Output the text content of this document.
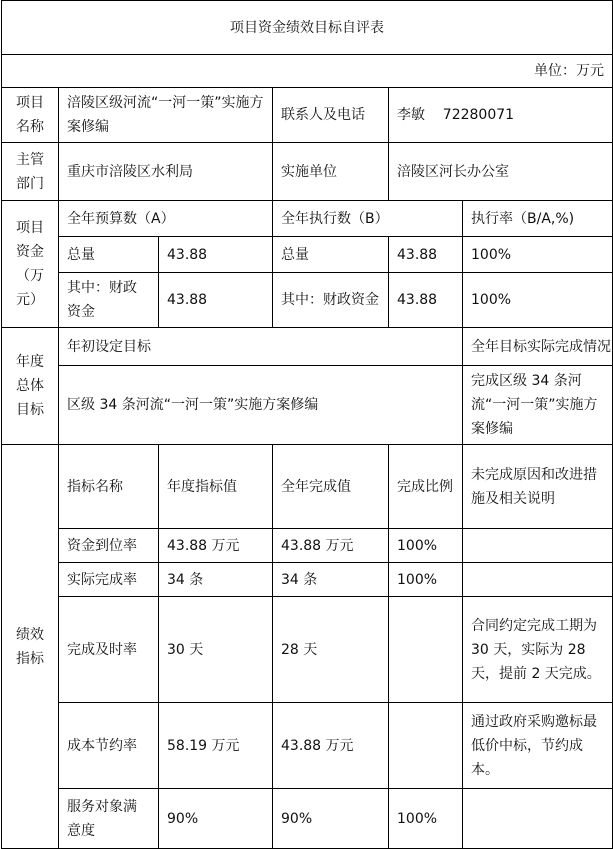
项目资金绩效目标自评表					
单位：万元					
项目名称	涪陵区级河流“一河一策”实施方案修编		联系人及电话	李敏    72280071	
主管部门	重庆市涪陵区水利局		实施单位	涪陵区河长办公室	
项目资金（万元）	全年预算数（A）		全年执行数（B）		执行率（B/A,%)
	总量	43.88	总量	43.88	100%
	其中：财政资金	43.88	其中：财政资金	43.88	100%
年度总体目标	年初设定目标				全年目标实际完成情况
	区级 34 条河流“一河一策”实施方案修编				完成区级 34 条河流“一河一策”实施方案修编
绩效指标	指标名称	年度指标值	全年完成值	完成比例	未完成原因和改进措施及相关说明
	资金到位率	43.88 万元	43.88 万元	100%	
	实际完成率	34 条	34 条	100%	
	完成及时率	30 天	28 天		合同约定完成工期为 30 天，实际为 28 天，提前 2 天完成。
	成本节约率	58.19 万元	43.88 万元		通过政府采购邀标最低价中标，节约成本。
	服务对象满意度	90%	90%	100%	
